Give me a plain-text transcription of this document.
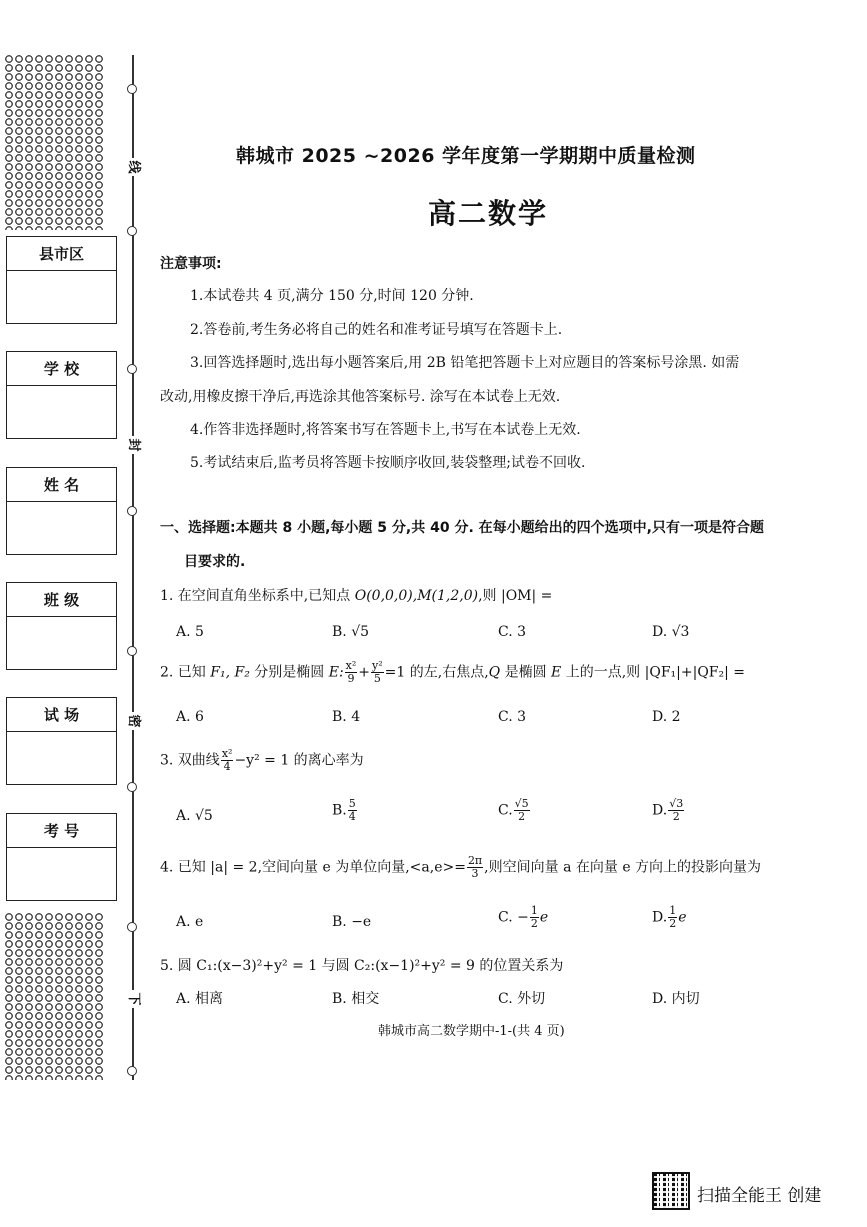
线
封
密
下
县市区
学 校
姓 名
班 级
试 场
考 号
韩城市 2025 ~2026 学年度第一学期期中质量检测
高二数学
注意事项:
1.本试卷共 4 页,满分 150 分,时间 120 分钟.
2.答卷前,考生务必将自己的姓名和准考证号填写在答题卡上.
3.回答选择题时,选出每小题答案后,用 2B 铅笔把答题卡上对应题目的答案标号涂黑. 如需
改动,用橡皮擦干净后,再选涂其他答案标号. 涂写在本试卷上无效.
4.作答非选择题时,将答案书写在答题卡上,书写在本试卷上无效.
5.考试结束后,监考员将答题卡按顺序收回,装袋整理;试卷不回收.
一、选择题:本题共 8 小题,每小题 5 分,共 40 分. 在每小题给出的四个选项中,只有一项是符合题
目要求的.
1. 在空间直角坐标系中,已知点 O(0,0,0),M(1,2,0),则 |OM| =
A. 5	B. √5	C. 3	D. √3
2. 已知 F₁, F₂ 分别是椭圆 E: $\frac{\text{x²}}{9} + \frac{\text{y²}}{5} =1$ 的左,右焦点,Q 是椭圆 E 上的一点,则 |QF₁|+|QF₂| =
A. 6	B. 4	C. 3	D. 2
3. 双曲线 $\frac{\text{x²}}{4} -y^2 = 1$ 的离心率为
A. √5	B. $\frac{5}{4}$	C. $\frac{√5}{2}$	D. $\frac{√3}{2}$
4. 已知 |a| = 2,空间向量 e 为单位向量$,<a,e>= \frac{2\pi}{3}$ ,则空间向量 a 在向量 e 方向上的投影向量为
A. e	B. −e	C. − $\frac{1}{2}$ e	D. $\frac{1}{2}$ e
5. 圆 C₁:(x−3)²+y² = 1 与圆 C₂:(x−1)²+y² = 9 的位置关系为
A. 相离	B. 相交	C. 外切	D. 内切
韩城市高二数学期中-1-(共 4 页)
扫描全能王 创建
